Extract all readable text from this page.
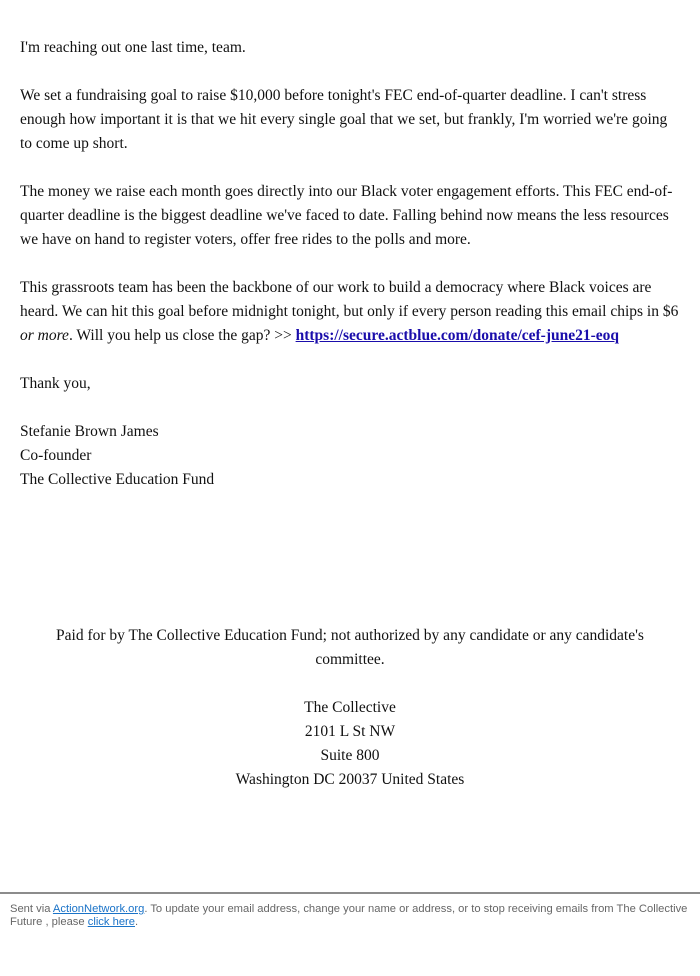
I'm reaching out one last time, team.

We set a fundraising goal to raise $10,000 before tonight's FEC end-of-quarter deadline. I can't stress enough how important it is that we hit every single goal that we set, but frankly, I'm worried we're going to come up short.

The money we raise each month goes directly into our Black voter engagement efforts. This FEC end-of-quarter deadline is the biggest deadline we've faced to date. Falling behind now means the less resources we have on hand to register voters, offer free rides to the polls and more.

This grassroots team has been the backbone of our work to build a democracy where Black voices are heard. We can hit this goal before midnight tonight, but only if every person reading this email chips in $6 or more. Will you help us close the gap? >> https://secure.actblue.com/donate/cef-june21-eoq

Thank you,

Stefanie Brown James

Co-founder

The Collective Education Fund

Paid for by The Collective Education Fund; not authorized by any candidate or any candidate's committee.

The Collective
2101 L St NW
Suite 800
Washington DC 20037 United States
Sent via ActionNetwork.org. To update your email address, change your name or address, or to stop receiving emails from The Collective Future , please click here.
